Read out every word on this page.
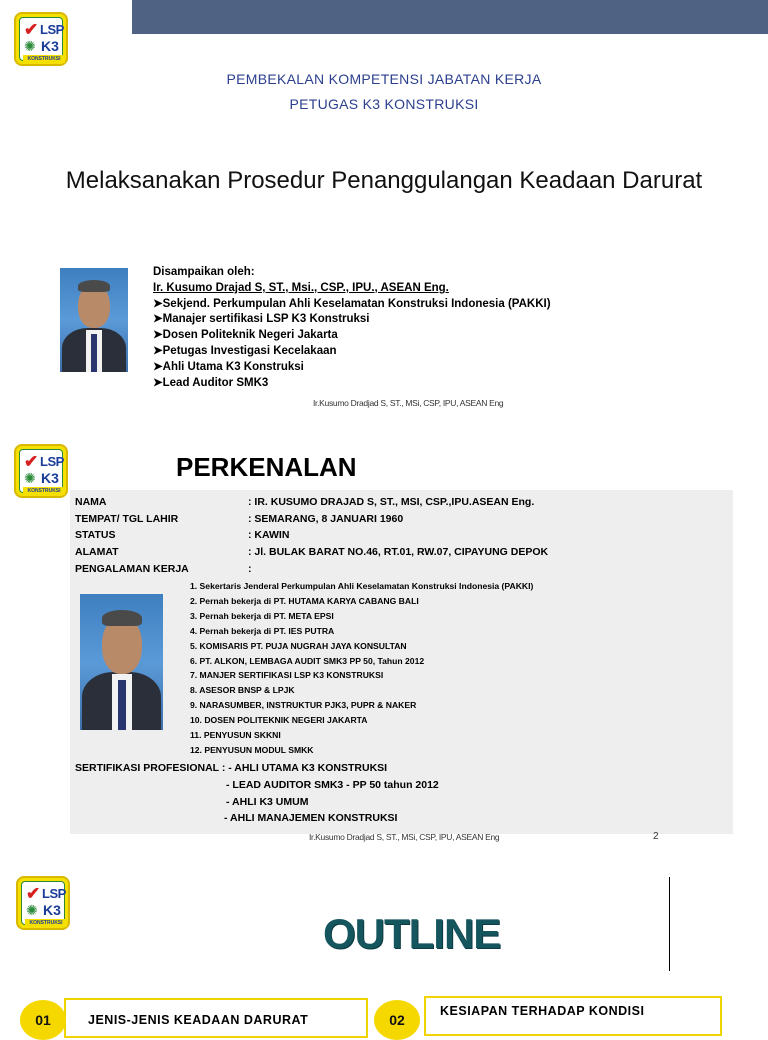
✔ LSP
✺ K3
KONSTRUKSI
PEMBEKALAN KOMPETENSI JABATAN KERJA
PETUGAS K3 KONSTRUKSI
Melaksanakan Prosedur Penanggulangan Keadaan Darurat
Disampaikan oleh:
Ir. Kusumo Drajad S, ST., Msi., CSP., IPU., ASEAN Eng.
➤Sekjend. Perkumpulan Ahli Keselamatan Konstruksi Indonesia (PAKKI)
➤Manajer sertifikasi LSP K3 Konstruksi
➤Dosen Politeknik Negeri Jakarta
➤Petugas Investigasi Kecelakaan
➤Ahli Utama K3 Konstruksi
➤Lead Auditor SMK3
Ir.Kusumo Dradjad S, ST., MSi, CSP, IPU, ASEAN Eng
✔ LSP
✺ K3
KONSTRUKSI
PERKENALAN
NAMA	: IR. KUSUMO DRAJAD S, ST., MSI, CSP.,IPU.ASEAN Eng.
TEMPAT/ TGL LAHIR	: SEMARANG, 8 JANUARI 1960
STATUS	: KAWIN
ALAMAT	: Jl. BULAK BARAT NO.46, RT.01, RW.07, CIPAYUNG DEPOK
PENGALAMAN KERJA	:
1. Sekertaris Jenderal Perkumpulan Ahli Keselamatan Konstruksi Indonesia (PAKKI)
2. Pernah bekerja di PT. HUTAMA KARYA CABANG BALI
3. Pernah bekerja di PT. META EPSI
4. Pernah bekerja di PT. IES PUTRA
5. KOMISARIS PT. PUJA NUGRAH JAYA KONSULTAN
6. PT. ALKON, LEMBAGA AUDIT SMK3 PP 50, Tahun 2012
7. MANJER SERTIFIKASI LSP K3 KONSTRUKSI
8. ASESOR BNSP & LPJK
9. NARASUMBER, INSTRUKTUR PJK3, PUPR & NAKER
10. DOSEN POLITEKNIK NEGERI JAKARTA
11. PENYUSUN SKKNI
12. PENYUSUN MODUL SMKK
SERTIFIKASI PROFESIONAL : - AHLI UTAMA K3 KONSTRUKSI
- LEAD AUDITOR SMK3 - PP 50 tahun 2012
- AHLI K3 UMUM
- AHLI MANAJEMEN KONSTRUKSI
Ir.Kusumo Dradjad S, ST., MSi, CSP, IPU, ASEAN Eng	2
✔ LSP
✺ K3
KONSTRUKSI	OUTLINE
01	JENIS-JENIS KEADAAN DARURAT	02
KESIAPAN TERHADAP KONDISI
